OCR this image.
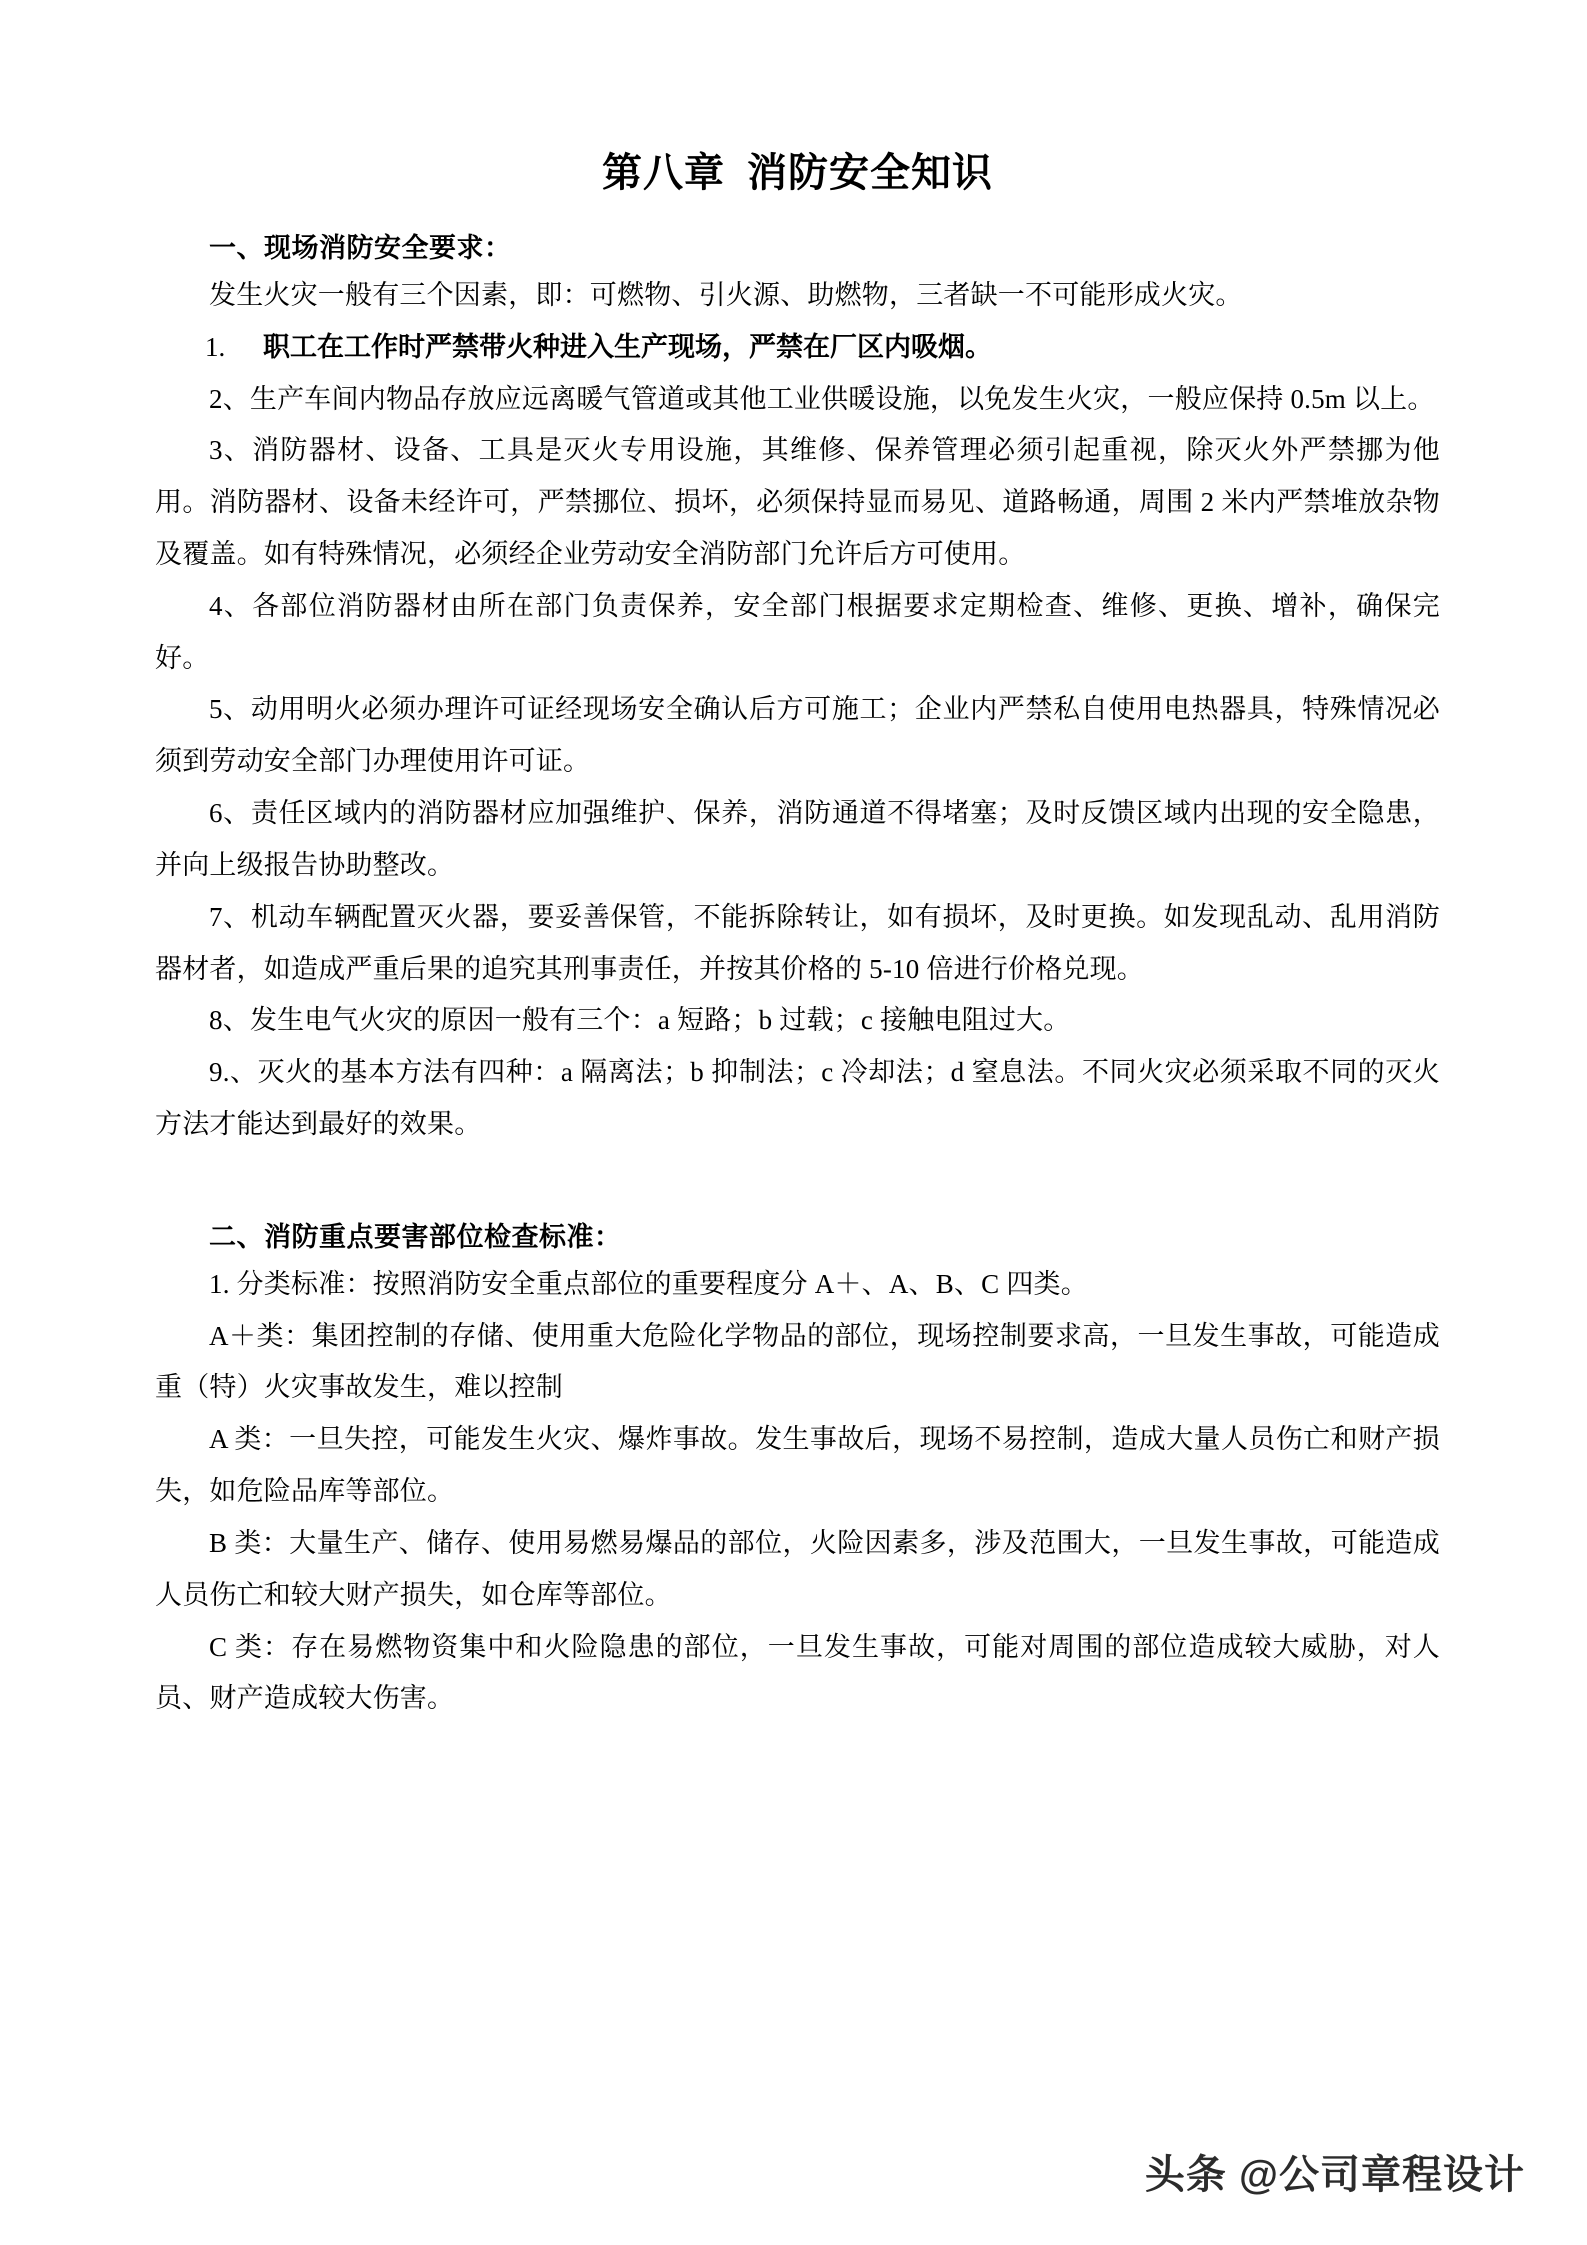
第八章  消防安全知识

一、现场消防安全要求：

发生火灾一般有三个因素，即：可燃物、引火源、助燃物，三者缺一不可能形成火灾。

1.	职工在工作时严禁带火种进入生产现场，严禁在厂区内吸烟。

2、生产车间内物品存放应远离暖气管道或其他工业供暖设施，以免发生火灾，一般应保持 0.5m 以上。

3、消防器材、设备、工具是灭火专用设施，其维修、保养管理必须引起重视，除灭火外严禁挪为他用。消防器材、设备未经许可，严禁挪位、损坏，必须保持显而易见、道路畅通，周围 2 米内严禁堆放杂物及覆盖。如有特殊情况，必须经企业劳动安全消防部门允许后方可使用。

4、各部位消防器材由所在部门负责保养，安全部门根据要求定期检查、维修、更换、增补，确保完好。

5、动用明火必须办理许可证经现场安全确认后方可施工；企业内严禁私自使用电热器具，特殊情况必须到劳动安全部门办理使用许可证。

6、责任区域内的消防器材应加强维护、保养，消防通道不得堵塞；及时反馈区域内出现的安全隐患，并向上级报告协助整改。

7、机动车辆配置灭火器，要妥善保管，不能拆除转让，如有损坏，及时更换。如发现乱动、乱用消防器材者，如造成严重后果的追究其刑事责任，并按其价格的 5-10 倍进行价格兑现。

8、发生电气火灾的原因一般有三个：a 短路；b 过载；c 接触电阻过大。

9.、灭火的基本方法有四种：a 隔离法；b 抑制法；c 冷却法；d 窒息法。不同火灾必须采取不同的灭火方法才能达到最好的效果。

二、消防重点要害部位检查标准：

1. 分类标准：按照消防安全重点部位的重要程度分 A＋、A、B、C 四类。

A＋类：集团控制的存储、使用重大危险化学物品的部位，现场控制要求高，一旦发生事故，可能造成重（特）火灾事故发生，难以控制

A 类：一旦失控，可能发生火灾、爆炸事故。发生事故后，现场不易控制，造成大量人员伤亡和财产损失，如危险品库等部位。

B 类：大量生产、储存、使用易燃易爆品的部位，火险因素多，涉及范围大，一旦发生事故，可能造成人员伤亡和较大财产损失，如仓库等部位。

C 类：存在易燃物资集中和火险隐患的部位，一旦发生事故，可能对周围的部位造成较大威胁，对人员、财产造成较大伤害。

头条 @公司章程设计
